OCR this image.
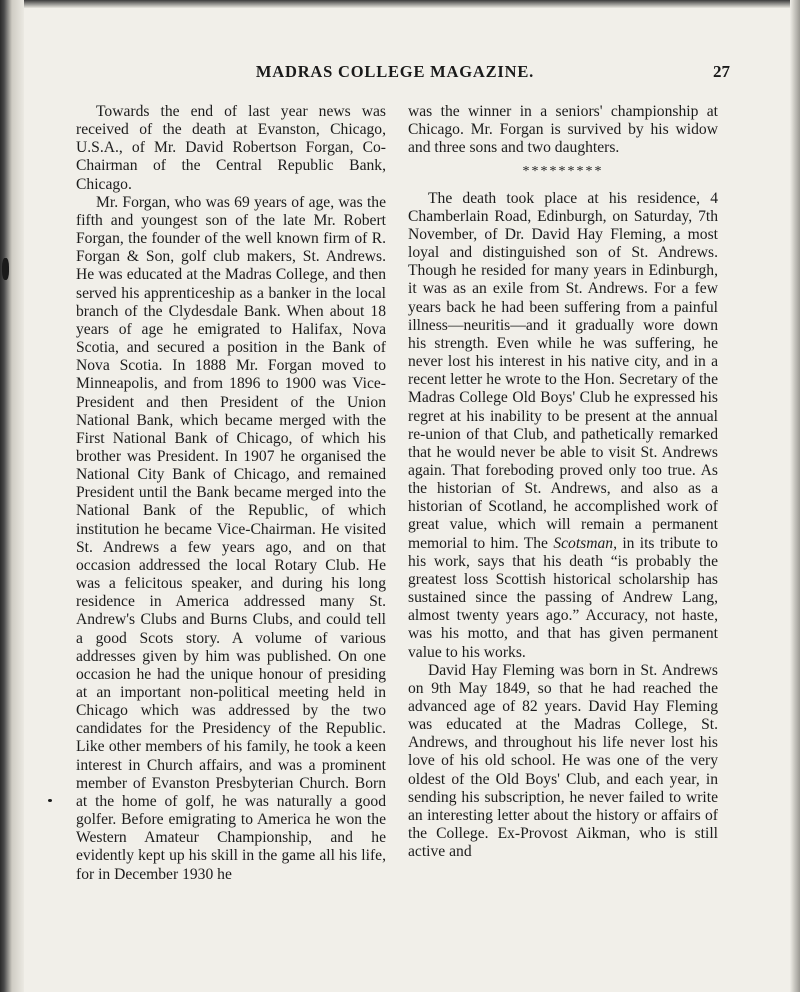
MADRAS COLLEGE MAGAZINE.	27

Towards the end of last year news was received of the death at Evanston, Chicago, U.S.A., of Mr. David Robertson Forgan, Co-Chairman of the Central Republic Bank, Chicago.

Mr. Forgan, who was 69 years of age, was the fifth and youngest son of the late Mr. Robert Forgan, the founder of the well known firm of R. Forgan & Son, golf club makers, St. Andrews. He was educated at the Madras College, and then served his apprenticeship as a banker in the local branch of the Clydesdale Bank. When about 18 years of age he emigrated to Halifax, Nova Scotia, and secured a position in the Bank of Nova Scotia. In 1888 Mr. Forgan moved to Minneapolis, and from 1896 to 1900 was Vice-President and then President of the Union National Bank, which became merged with the First National Bank of Chicago, of which his brother was President. In 1907 he organised the National City Bank of Chicago, and remained President until the Bank became merged into the National Bank of the Republic, of which institution he became Vice-Chairman. He visited St. Andrews a few years ago, and on that occasion addressed the local Rotary Club. He was a felicitous speaker, and during his long residence in America addressed many St. Andrew's Clubs and Burns Clubs, and could tell a good Scots story. A volume of various addresses given by him was published. On one occasion he had the unique honour of presiding at an important non-political meeting held in Chicago which was addressed by the two candidates for the Presidency of the Republic. Like other members of his family, he took a keen interest in Church affairs, and was a prominent member of Evanston Presbyterian Church. Born at the home of golf, he was naturally a good golfer. Before emigrating to America he won the Western Amateur Championship, and he evidently kept up his skill in the game all his life, for in December 1930 he

was the winner in a seniors' championship at Chicago. Mr. Forgan is survived by his widow and three sons and two daughters.

*********

The death took place at his residence, 4 Chamberlain Road, Edinburgh, on Saturday, 7th November, of Dr. David Hay Fleming, a most loyal and distinguished son of St. Andrews. Though he resided for many years in Edinburgh, it was as an exile from St. Andrews. For a few years back he had been suffering from a painful illness—neuritis—and it gradually wore down his strength. Even while he was suffering, he never lost his interest in his native city, and in a recent letter he wrote to the Hon. Secretary of the Madras College Old Boys' Club he expressed his regret at his inability to be present at the annual re-union of that Club, and pathetically remarked that he would never be able to visit St. Andrews again. That foreboding proved only too true. As the historian of St. Andrews, and also as a historian of Scotland, he accomplished work of great value, which will remain a permanent memorial to him. The Scotsman, in its tribute to his work, says that his death “is probably the greatest loss Scottish historical scholarship has sustained since the passing of Andrew Lang, almost twenty years ago.” Accuracy, not haste, was his motto, and that has given permanent value to his works.

David Hay Fleming was born in St. Andrews on 9th May 1849, so that he had reached the advanced age of 82 years. David Hay Fleming was educated at the Madras College, St. Andrews, and throughout his life never lost his love of his old school. He was one of the very oldest of the Old Boys' Club, and each year, in sending his subscription, he never failed to write an interesting letter about the history or affairs of the College. Ex-Provost Aikman, who is still active and
